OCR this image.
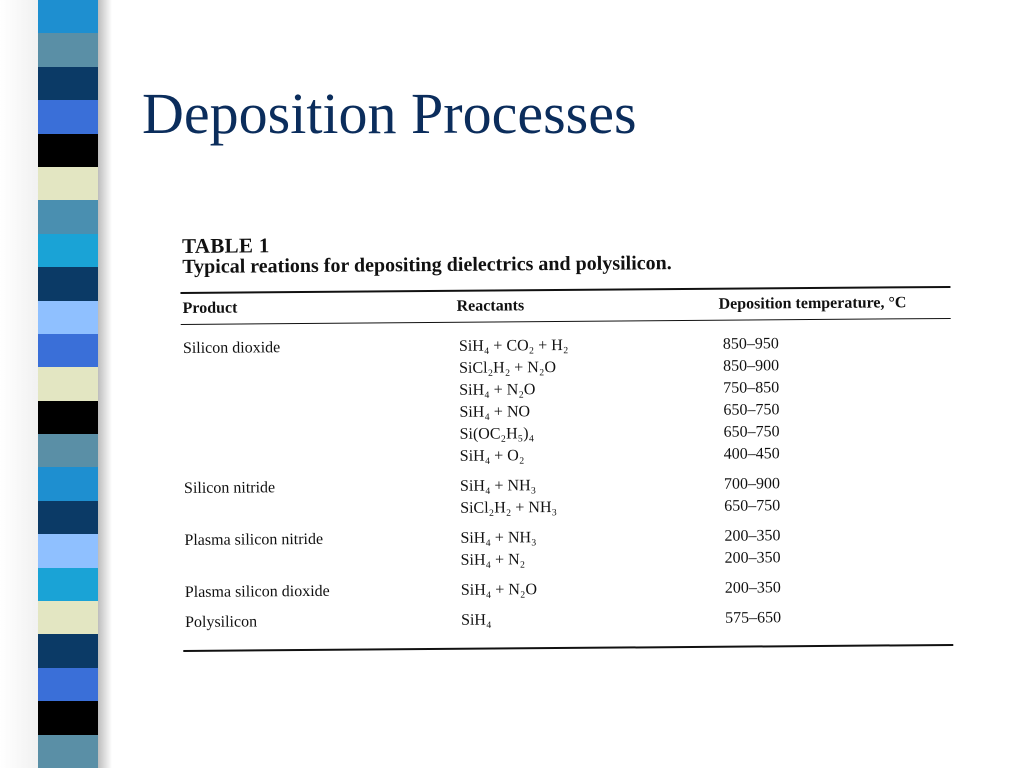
Deposition Processes
TABLE 1
Typical reations for depositing dielectrics and polysilicon.
Product	Reactants	Deposition temperature, °C
Silicon dioxide	SiH₄ + CO₂ + H₂	850–950
SiCl₂H₂ + N₂O	850–900
SiH₄ + N₂O	750–850
SiH₄ + NO	650–750
Si(OC₂H₅)₄	650–750
SiH₄ + O₂	400–450
Silicon nitride	SiH₄ + NH₃	700–900
SiCl₂H₂ + NH₃	650–750
Plasma silicon nitride	SiH₄ + NH₃	200–350
SiH₄ + N₂	200–350
Plasma silicon dioxide	SiH₄ + N₂O	200–350
Polysilicon	SiH₄	575–650
